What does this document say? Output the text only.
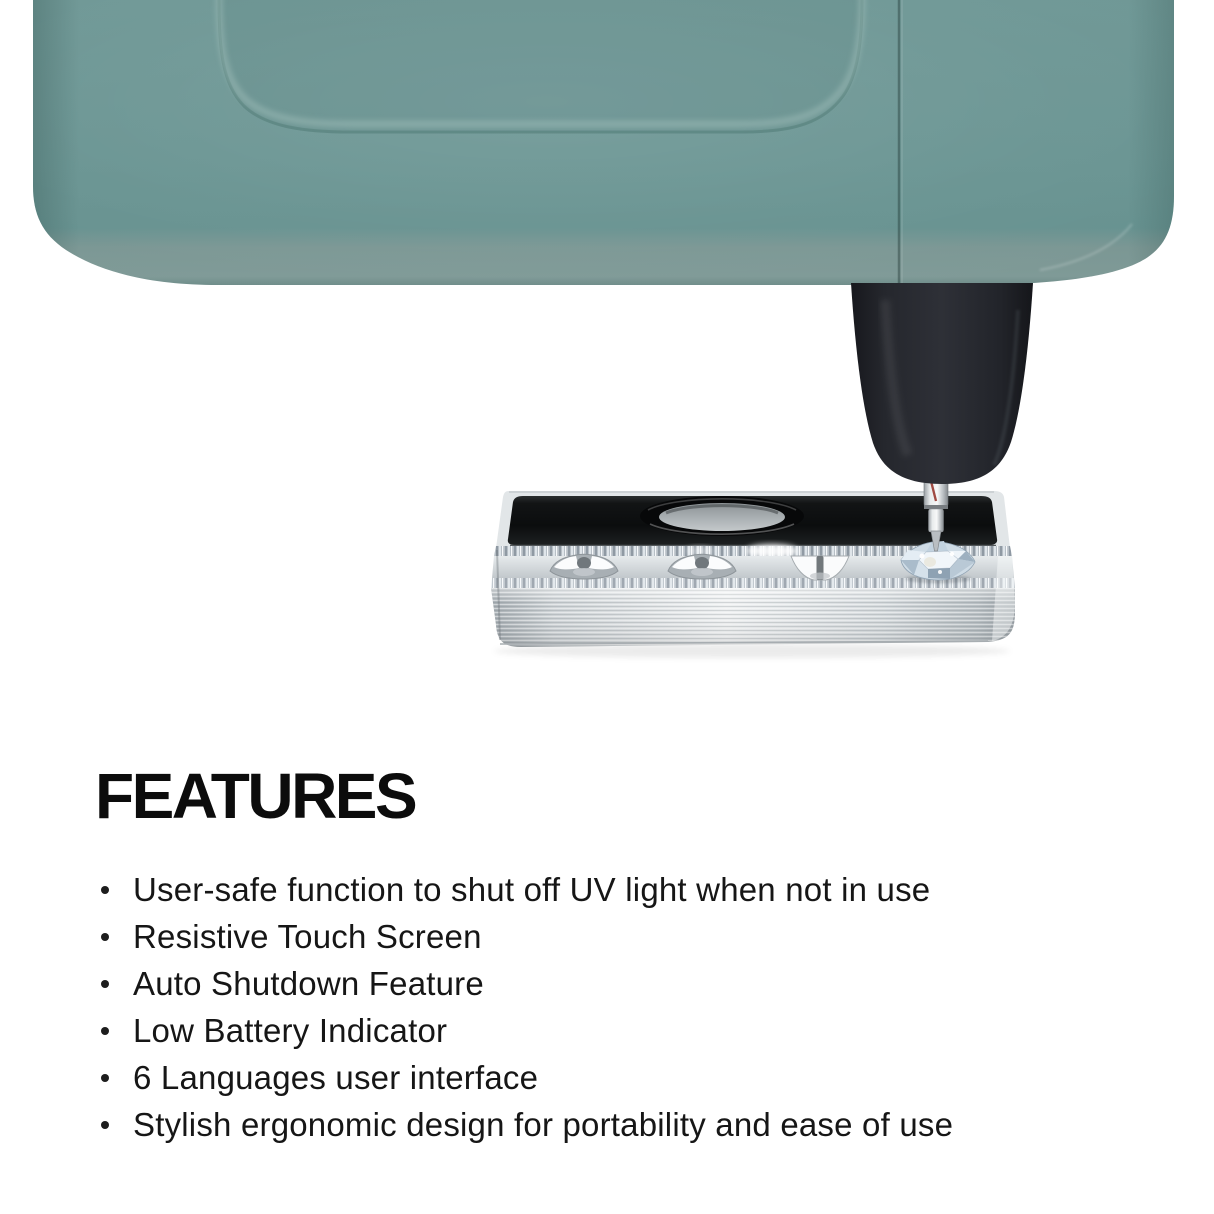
FEATURES
User-safe function to shut off UV light when not in use
Resistive Touch Screen
Auto Shutdown Feature
Low Battery Indicator
6 Languages user interface
Stylish ergonomic design for portability and ease of use
